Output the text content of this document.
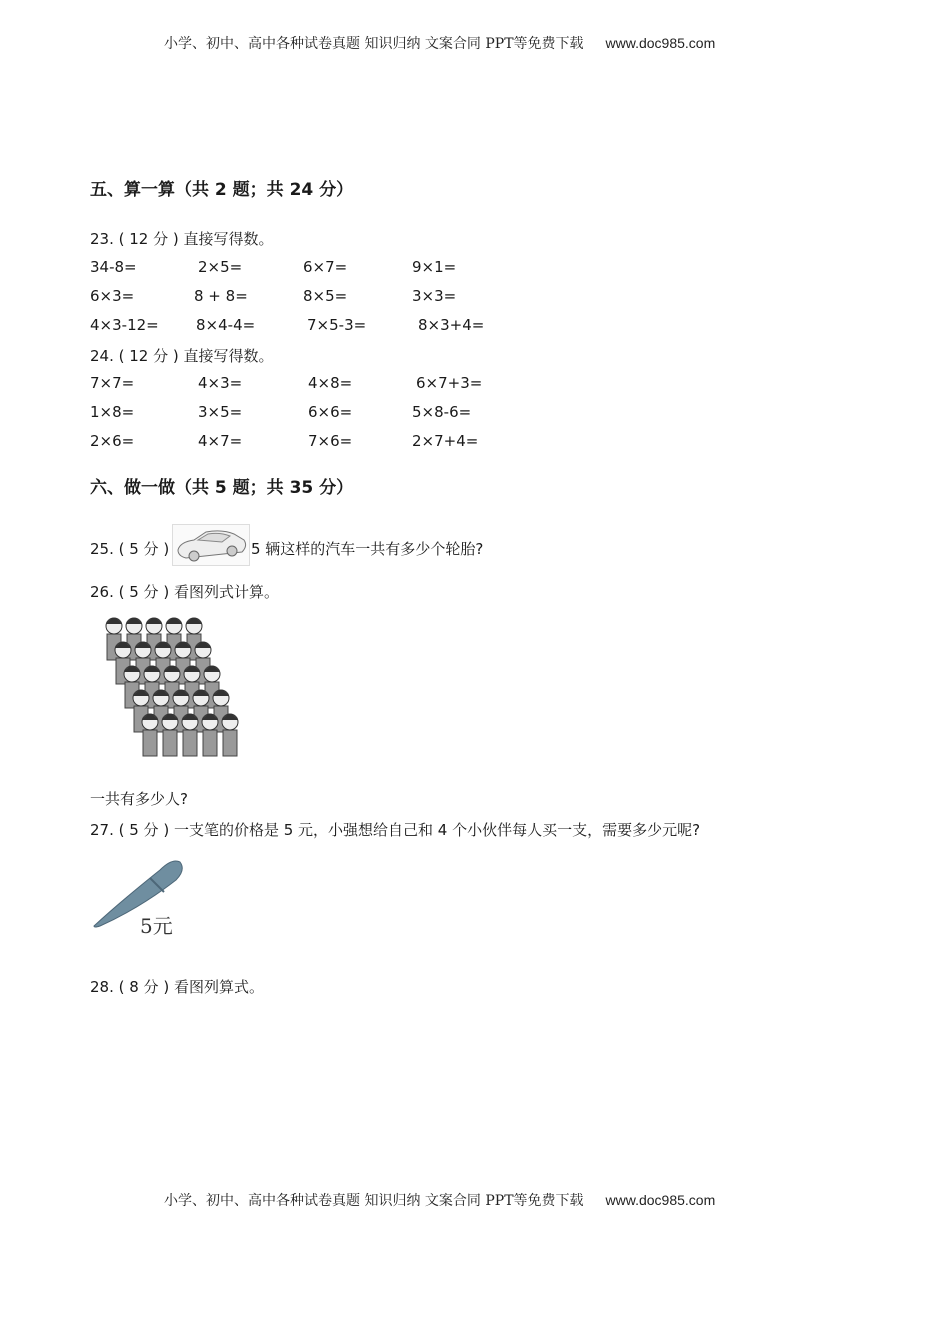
小学、初中、高中各种试卷真题 知识归纳 文案合同 PPT等免费下载 www.doc985.com
五、算一算（共 2 题；共 24 分）
23. ( 12 分 ) 直接写得数。
34-8=	2×5=	6×7=	9×1=
6×3=	8 + 8=	8×5=	3×3=
4×3-12= 8×4-4=	7×5-3=	8×3+4=
24. ( 12 分 ) 直接写得数。
7×7=	4×3=	4×8=	6×7+3=
1×8=	3×5=	6×6=	5×8-6=
2×6=	4×7=	7×6=	2×7+4=
六、做一做（共 5 题；共 35 分）
25. ( 5 分 )	5 辆这样的汽车一共有多少个轮胎?
26. ( 5 分 ) 看图列式计算。
一共有多少人?
27. ( 5 分 ) 一支笔的价格是 5 元，小强想给自己和 4 个小伙伴每人买一支，需要多少元呢?
5元
28. ( 8 分 ) 看图列算式。
小学、初中、高中各种试卷真题 知识归纳 文案合同 PPT等免费下载 www.doc985.com
